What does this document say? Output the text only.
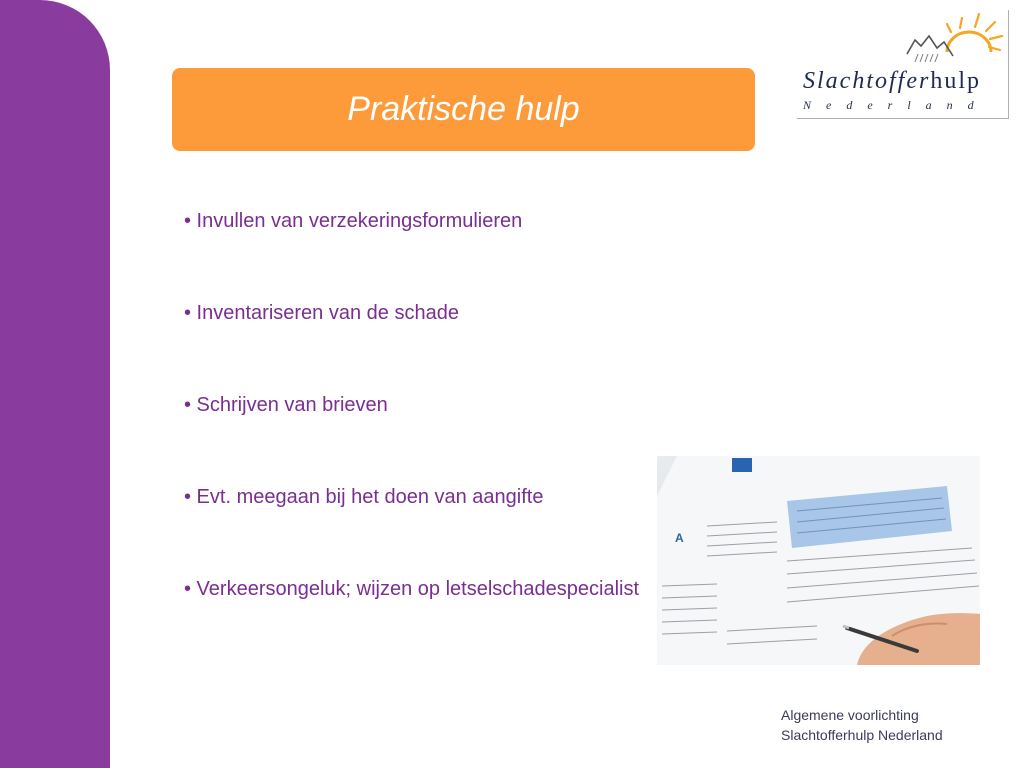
Praktische hulp
Slachtofferhulp
Nederland
• Invullen van verzekeringsformulieren
• Inventariseren van de schade
• Schrijven van brieven
• Evt. meegaan bij het doen van aangifte
• Verkeersongeluk; wijzen op letselschadespecialist
A
Algemene voorlichting
Slachtofferhulp Nederland
